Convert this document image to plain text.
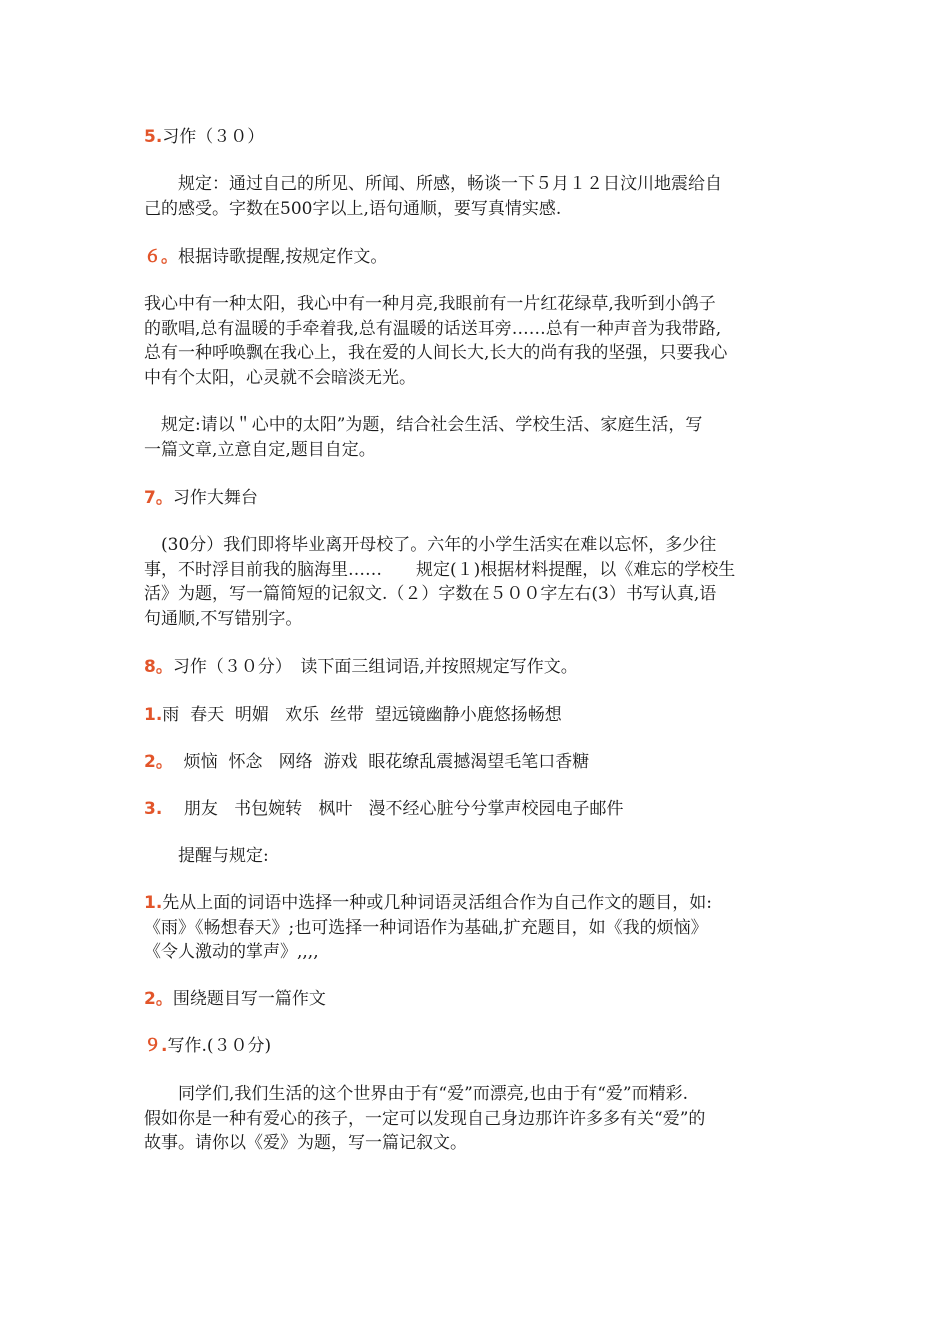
5.习作（３０）

　　规定：通过自己的所见、所闻、所感，畅谈一下５月１２日汶川地震给自
己的感受。字数在500字以上,语句通顺，要写真情实感.

６。根据诗歌提醒,按规定作文。

我心中有一种太阳，我心中有一种月亮,我眼前有一片红花绿草,我听到小鸽子
的歌唱,总有温暖的手牵着我,总有温暖的话送耳旁……总有一种声音为我带路,
总有一种呼唤飘在我心上，我在爱的人间长大,长大的尚有我的坚强，只要我心
中有个太阳，心灵就不会暗淡无光。

　规定:请以＂心中的太阳”为题，结合社会生活、学校生活、家庭生活，写
一篇文章,立意自定,题目自定。

7。习作大舞台

　(30分）我们即将毕业离开母校了。六年的小学生活实在难以忘怀，多少往
事，不时浮目前我的脑海里……　　规定(１)根据材料提醒，以《难忘的学校生
活》为题，写一篇简短的记叙文.（２）字数在５００字左右(3）书写认真,语
句通顺,不写错别字。

8。习作（３０分）　读下面三组词语,并按照规定写作文。

1.雨  春天  明媚   欢乐  丝带  望远镜幽静小鹿悠扬畅想

2。  烦恼  怀念   网络  游戏  眼花缭乱震撼渴望毛笔口香糖

3.    朋友   书包婉转   枫叶   漫不经心脏兮兮掌声校园电子邮件

　　提醒与规定:

1.先从上面的词语中选择一种或几种词语灵活组合作为自己作文的题目，如:
《雨》《畅想春天》;也可选择一种词语作为基础,扩充题目，如《我的烦恼》
《令人激动的掌声》,,,,

2。围绕题目写一篇作文

９.写作.(３０分)

　　同学们,我们生活的这个世界由于有“爱”而漂亮,也由于有“爱”而精彩.
假如你是一种有爱心的孩子，一定可以发现自己身边那许许多多有关“爱”的
故事。请你以《爱》为题，写一篇记叙文。
